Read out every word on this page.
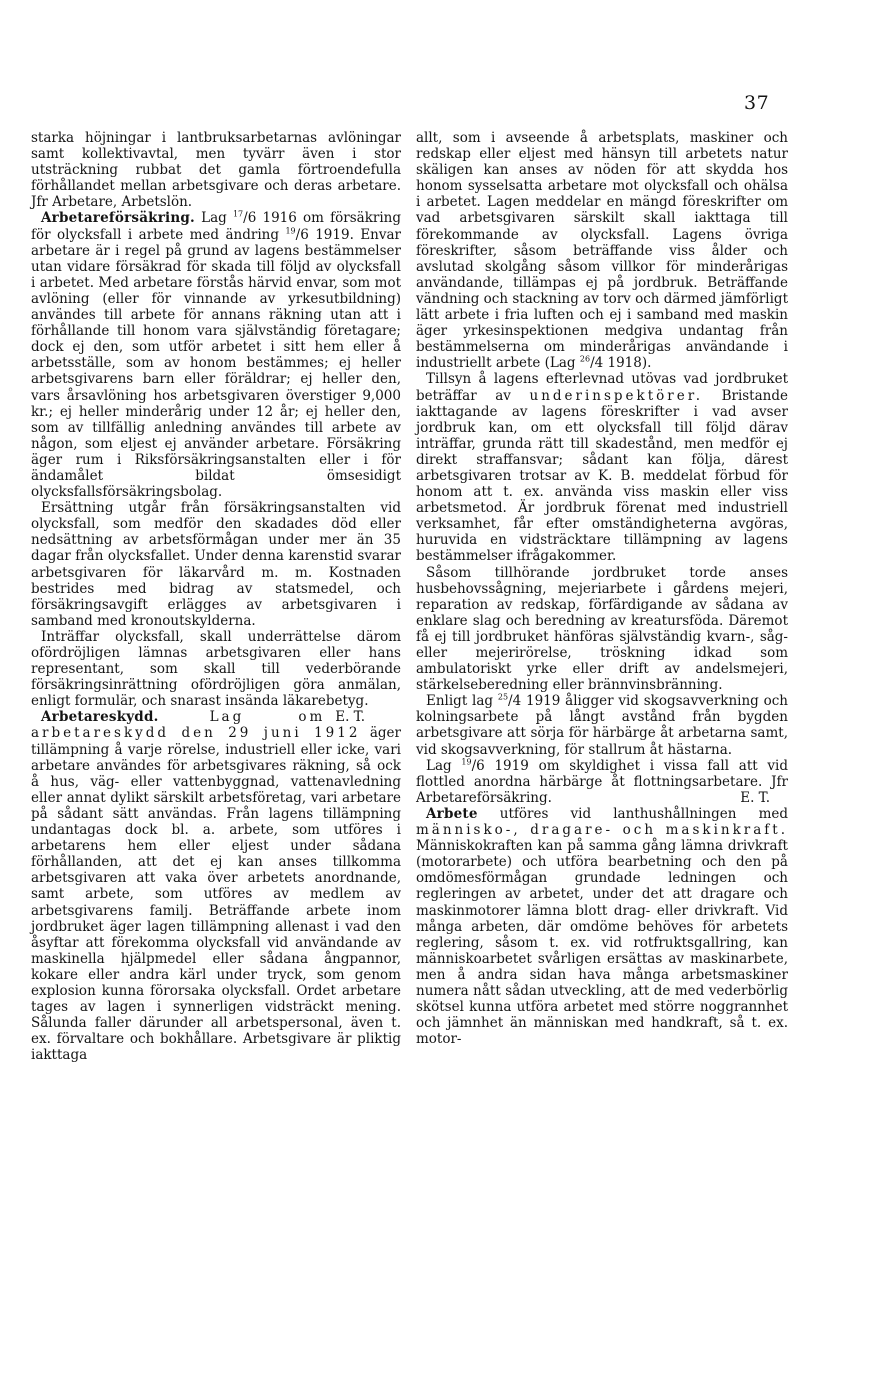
37

starka höjningar i lantbruksarbetarnas avlöningar samt kollektivavtal, men tyvärr även i stor utsträckning rubbat det gamla förtroendefulla förhållandet mellan arbetsgivare och deras arbetare. Jfr Arbetare, Arbetslön.

Arbetareförsäkring. Lag $^{17}$/6 1916 om försäkring för olycksfall i arbete med ändring $^{19}$/6 1919. Envar arbetare är i regel på grund av lagens bestämmelser utan vidare försäkrad för skada till följd av olycksfall i arbetet. Med arbetare förstås härvid envar, som mot avlöning (eller för vinnande av yrkesutbildning) användes till arbete för annans räkning utan att i förhållande till honom vara självständig företagare; dock ej den, som utför arbetet i sitt hem eller å arbetsställe, som av honom bestämmes; ej heller arbetsgivarens barn eller föräldrar; ej heller den, vars årsavlöning hos arbetsgivaren överstiger 9,000 kr.; ej heller minderårig under 12 år; ej heller den, som av tillfällig anledning användes till arbete av någon, som eljest ej använder arbetare. Försäkring äger rum i Riksförsäkringsanstalten eller i för ändamålet bildat ömsesidigt olycksfallsförsäkringsbolag.

Ersättning utgår från försäkringsanstalten vid olycksfall, som medför den skadades död eller nedsättning av arbetsförmågan under mer än 35 dagar från olycksfallet. Under denna karenstid svarar arbetsgivaren för läkarvård m. m. Kostnaden bestrides med bidrag av statsmedel, och försäkringsavgift erlägges av arbetsgivaren i samband med kronoutskylderna.

Inträffar olycksfall, skall underrättelse därom ofördröjligen lämnas arbetsgivaren eller hans representant, som skall till vederbörande försäkringsinrättning ofördröjligen göra anmälan, enligt formulär, och snarast insända läkarebetyg.
E. T.

Arbetareskydd.	Lag om arbetareskydd den 29 juni 1912 äger tillämpning å varje rörelse, industriell eller icke, vari arbetare användes för arbetsgivares räkning, så ock å hus, väg- eller vattenbyggnad, vattenavledning eller annat dylikt särskilt arbetsföretag, vari arbetare på sådant sätt användas. Från lagens tillämpning undantagas dock bl. a. arbete, som utföres i arbetarens hem eller eljest under sådana förhållanden, att det ej kan anses tillkomma arbetsgivaren att vaka över arbetets anordnande, samt arbete, som utföres av medlem av arbetsgivarens familj. Beträffande arbete inom jordbruket äger lagen tillämpning allenast i vad den åsyftar att förekomma olycksfall vid användande av maskinella hjälpmedel eller sådana ångpannor, kokare eller andra kärl under tryck, som genom explosion kunna förorsaka olycksfall. Ordet arbetare tages av lagen i synnerligen vidsträckt mening. Sålunda faller därunder all arbetspersonal, även t. ex. förvaltare och bokhållare. Arbetsgivare är pliktig iakttaga

allt, som i avseende å arbetsplats, maskiner och redskap eller eljest med hänsyn till arbetets natur skäligen kan anses av nöden för att skydda hos honom sysselsatta arbetare mot olycksfall och ohälsa i arbetet. Lagen meddelar en mängd föreskrifter om vad arbetsgivaren särskilt skall iakttaga till förekommande av olycksfall. Lagens övriga föreskrifter, såsom beträffande viss ålder och avslutad skolgång såsom villkor för minderårigas användande, tillämpas ej på jordbruk. Beträffande vändning och stackning av torv och därmed jämförligt lätt arbete i fria luften och ej i samband med maskin äger yrkesinspektionen medgiva undantag från bestämmelserna om minderårigas användande i industriellt arbete (Lag $^{26}$/4 1918).

Tillsyn å lagens efterlevnad utövas vad jordbruket beträffar av underinspektörer. Bristande iakttagande av lagens föreskrifter i vad avser jordbruk kan, om ett olycksfall till följd därav inträffar, grunda rätt till skadestånd, men medför ej direkt straffansvar; sådant kan följa, därest arbetsgivaren trotsar av K. B. meddelat förbud för honom att t. ex. använda viss maskin eller viss arbetsmetod. Är jordbruk förenat med industriell verksamhet, får efter omständigheterna avgöras, huruvida en vidsträcktare tillämpning av lagens bestämmelser ifrågakommer.

Såsom tillhörande jordbruket torde anses husbehovssågning, mejeriarbete i gårdens mejeri, reparation av redskap, förfärdigande av sådana av enklare slag och beredning av kreatursföda. Däremot få ej till jordbruket hänföras självständig kvarn-, såg- eller mejerirörelse, tröskning idkad som ambulatoriskt yrke eller drift av andelsmejeri, stärkelseberedning eller brännvinsbränning.

Enligt lag $^{25}$/4 1919 åligger vid skogsavverkning och kolningsarbete på långt avstånd från bygden arbetsgivare att sörja för härbärge åt arbetarna samt, vid skogsavverkning, för stallrum åt hästarna.

Lag $^{19}$/6 1919 om skyldighet i vissa fall att vid flottled anordna härbärge åt flottningsarbetare. Jfr Arbetareförsäkring.	E. T.

Arbete utföres vid lanthushållningen med människo-, dragare- och maskinkraft. Människokraften kan på samma gång lämna drivkraft (motorarbete) och utföra bearbetning och den på omdömesförmågan grundade ledningen och regleringen av arbetet, under det att dragare och maskinmotorer lämna blott drag- eller drivkraft. Vid många arbeten, där omdöme behöves för arbetets reglering, såsom t. ex. vid rotfruktsgallring, kan människoarbetet svårligen ersättas av maskinarbete, men å andra sidan hava många arbetsmaskiner numera nått sådan utveckling, att de med vederbörlig skötsel kunna utföra arbetet med större noggrannhet och jämnhet än människan med handkraft, så t. ex. motor-
